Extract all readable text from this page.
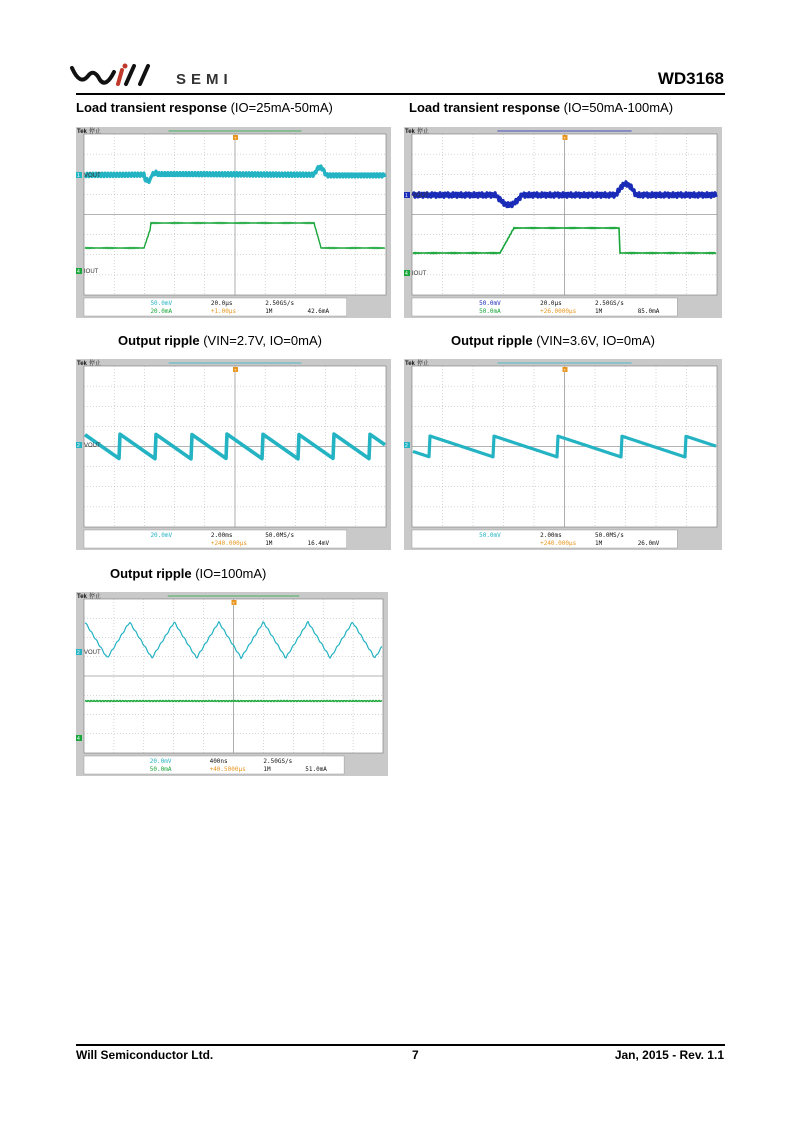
SEMI	WD3168
Load transient response (IO=25mA-50mA)	Load transient response (IO=50mA-100mA)
Output ripple (VIN=2.7V, IO=0mA)	Output ripple (VIN=3.6V, IO=0mA)
Output ripple (IO=100mA)
Tek 停止
T
1 VOUT
4 IOUT
50.0mV
20.0mA
20.0μs
+1.00μs
2.50GS/s
1M	42.6mA
Tek 停止
T
1 VOUT
4 IOUT
50.0mV
50.0mA
20.0μs
+26.0000μs
2.50GS/s
1M	85.0mA
Tek 停止
T
2 VOUT
20.0mV	2.00ms
+240.000μs
50.0MS/s
1M	16.4mV
Tek 停止
T
2
50.0mV	2.00ms
+240.000μs
50.0MS/s
1M	26.0mV
Tek 停止
T
2 VOUT
4
20.0mV
50.0mA
400ns
+40.5000μs
2.50GS/s
1M	51.0mA
Will Semiconductor Ltd.	7	Jan, 2015 - Rev. 1.1
